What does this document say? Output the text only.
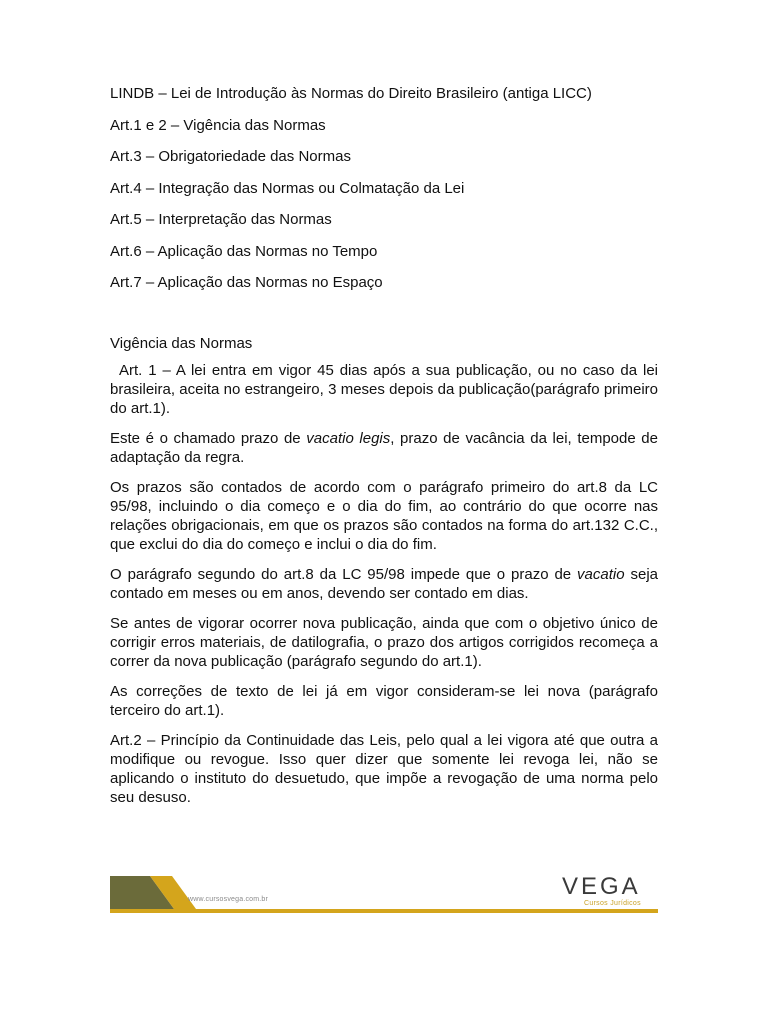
LINDB – Lei de Introdução às Normas do Direito Brasileiro (antiga LICC)

Art.1 e 2 – Vigência das Normas

Art.3 – Obrigatoriedade das Normas

Art.4 – Integração das Normas ou Colmatação da Lei

Art.5 – Interpretação das Normas

Art.6 – Aplicação das Normas no Tempo

Art.7 – Aplicação das Normas no Espaço

Vigência das Normas

Art. 1 – A lei entra em vigor 45 dias após a sua publicação, ou no caso da lei brasileira, aceita no estrangeiro, 3 meses depois da publicação(parágrafo primeiro do art.1).

Este é o chamado prazo de vacatio legis, prazo de vacância da lei, tempode de adaptação da regra.

Os prazos são contados de acordo com o parágrafo primeiro do art.8 da LC 95/98, incluindo o dia começo e o dia do fim, ao contrário do que ocorre nas relações obrigacionais, em que os prazos são contados na forma do art.132 C.C., que exclui do dia do começo e inclui o dia do fim.

O parágrafo segundo do art.8 da LC 95/98 impede que o prazo de vacatio seja contado em meses ou em anos, devendo ser contado em dias.

Se antes de vigorar ocorrer nova publicação, ainda que com o objetivo único de corrigir erros materiais, de datilografia, o prazo dos artigos corrigidos recomeça a correr da nova publicação (parágrafo segundo do art.1).

As correções de texto de lei já em vigor consideram-se lei nova (parágrafo terceiro do art.1).

Art.2 – Princípio da Continuidade das Leis, pelo qual a lei vigora até que outra a modifique ou revogue. Isso quer dizer que somente lei revoga lei, não se aplicando o instituto do desuetudo, que impõe a revogação de uma norma pelo seu desuso.

www.cursosvega.com.br	VEGA
Cursos Jurídicos
